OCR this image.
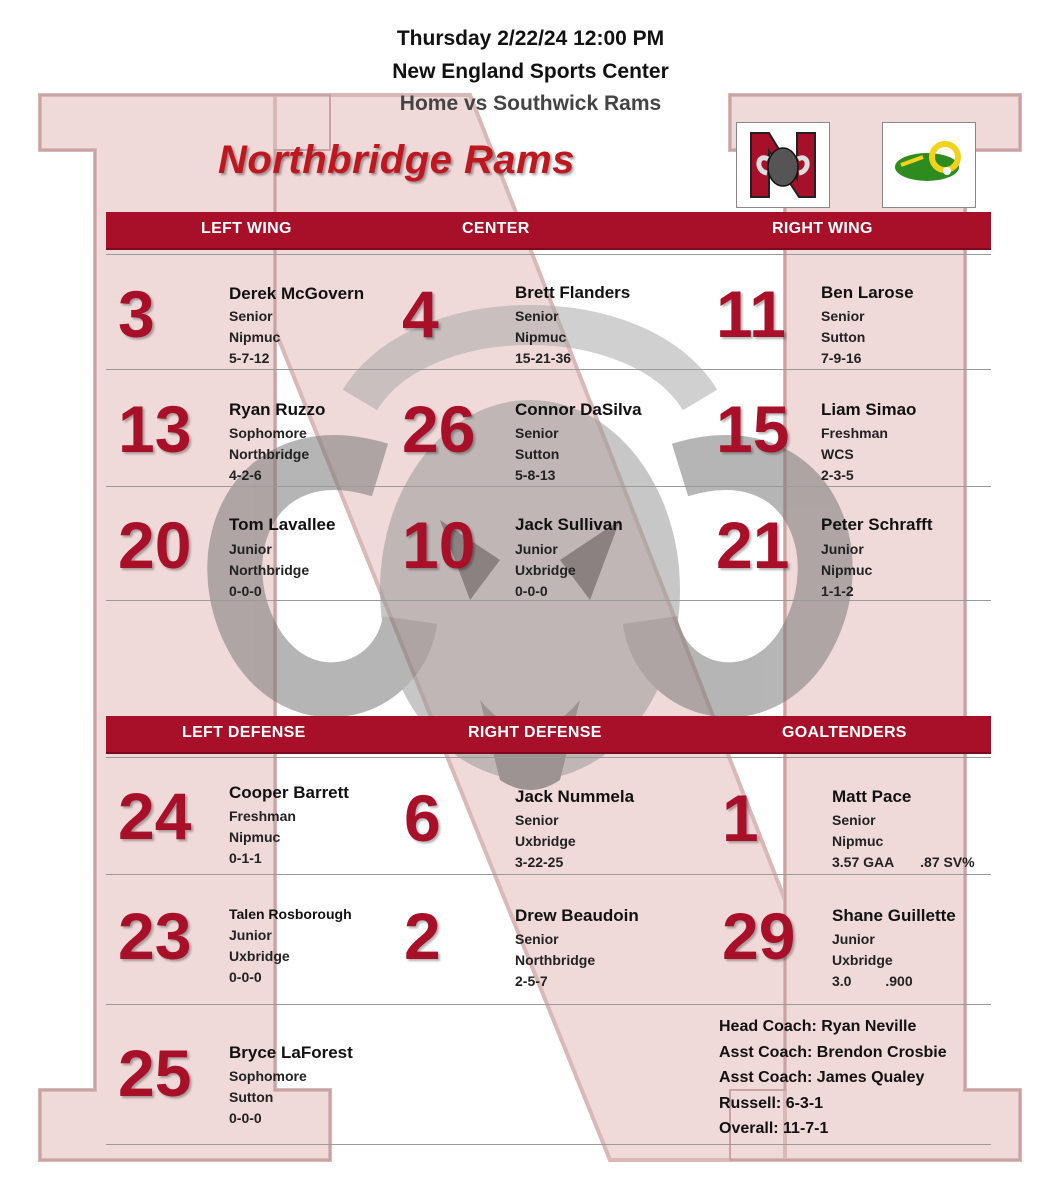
Thursday 2/22/24 12:00 PM
New England Sports Center
Home vs Southwick Rams
Northbridge Rams
LEFT WING	CENTER	RIGHT WING
3	Derek McGovern
Senior
Nipmuc
5-7-12
4	Brett Flanders
Senior
Nipmuc
15-21-36
11 Ben Larose
Senior
Sutton
7-9-16
13 Ryan Ruzzo
Sophomore
Northbridge
4-2-6
26 Connor DaSilva
Senior
Sutton
5-8-13
15 Liam Simao
Freshman
WCS
2-3-5
20 Tom Lavallee
Junior
Northbridge
0-0-0
10 Jack Sullivan
Junior
Uxbridge
0-0-0
21 Peter Schrafft
Junior
Nipmuc
1-1-2
LEFT DEFENSE	RIGHT DEFENSE	GOALTENDERS
24 Cooper Barrett
Freshman
Nipmuc
0-1-1
6	Jack Nummela
Senior
Uxbridge
3-22-25
1	Matt Pace
Senior
Nipmuc
3.57 GAA .87 SV%
23	Talen Rosborough
Junior
Uxbridge
0-0-0
2	Drew Beaudoin
Senior
Northbridge
2-5-7
29 Shane Guillette
Junior
Uxbridge
3.0 .900
25 Bryce LaForest
Sophomore
Sutton
0-0-0
Head Coach: Ryan Neville
Asst Coach: Brendon Crosbie
Asst Coach: James Qualey
Russell: 6-3-1
Overall: 11-7-1
